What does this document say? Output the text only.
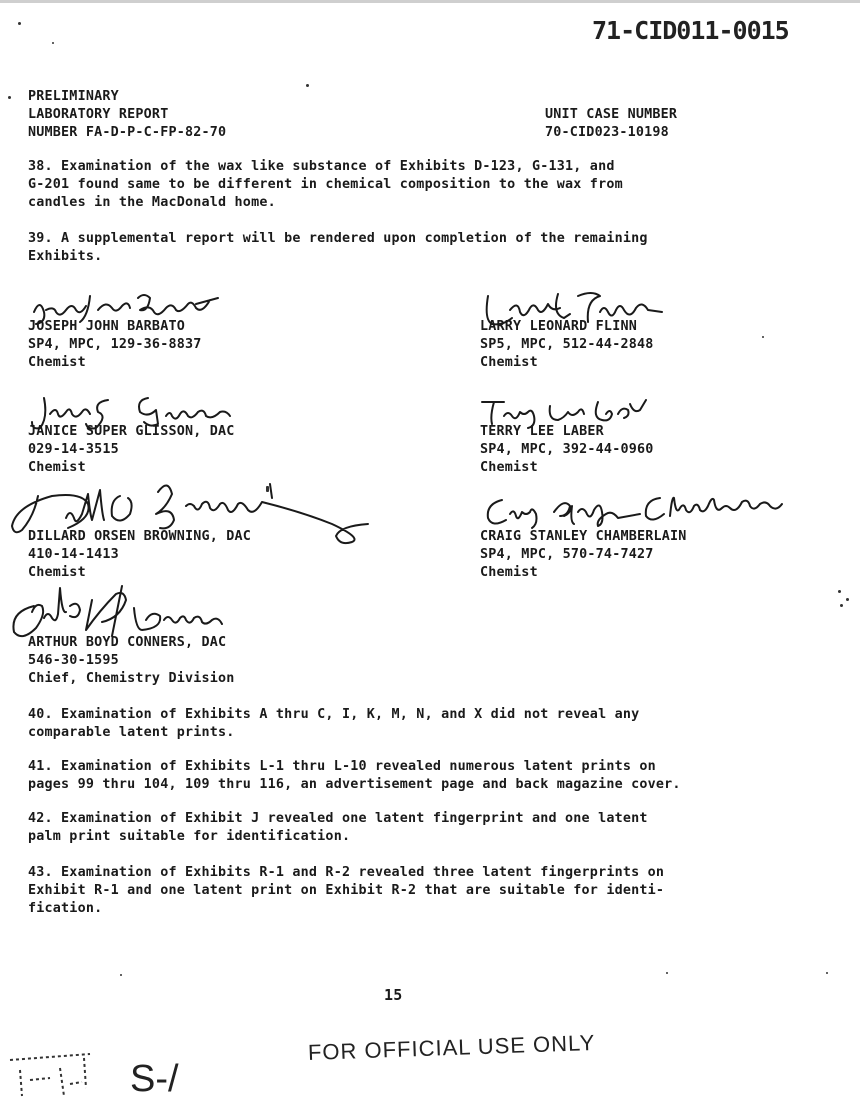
71-CID011-0015
PRELIMINARY
LABORATORY REPORT
NUMBER FA-D-P-C-FP-82-70
UNIT CASE NUMBER
70-CID023-10198
38. Examination of the wax like substance of Exhibits D-123, G-131, and
G-201 found same to be different in chemical composition to the wax from
candles in the MacDonald home.
39. A supplemental report will be rendered upon completion of the remaining
Exhibits.
JOSEPH JOHN BARBATO
SP4, MPC, 129-36-8837
Chemist
LARRY LEONARD FLINN
SP5, MPC, 512-44-2848
Chemist
JANICE SUPER GLISSON, DAC
029-14-3515
Chemist
TERRY LEE LABER
SP4, MPC, 392-44-0960
Chemist
DILLARD ORSEN BROWNING, DAC
410-14-1413
Chemist
CRAIG STANLEY CHAMBERLAIN
SP4, MPC, 570-74-7427
Chemist
ARTHUR BOYD CONNERS, DAC
546-30-1595
Chief, Chemistry Division
40. Examination of Exhibits A thru C, I, K, M, N, and X did not reveal any
comparable latent prints.
41. Examination of Exhibits L-1 thru L-10 revealed numerous latent prints on
pages 99 thru 104, 109 thru 116, an advertisement page and back magazine cover.
42. Examination of Exhibit J revealed one latent fingerprint and one latent
palm print suitable for identification.
43. Examination of Exhibits R-1 and R-2 revealed three latent fingerprints on
Exhibit R-1 and one latent print on Exhibit R-2 that are suitable for identi-
fication.
15
FOR OFFICIAL USE ONLY
S-/
